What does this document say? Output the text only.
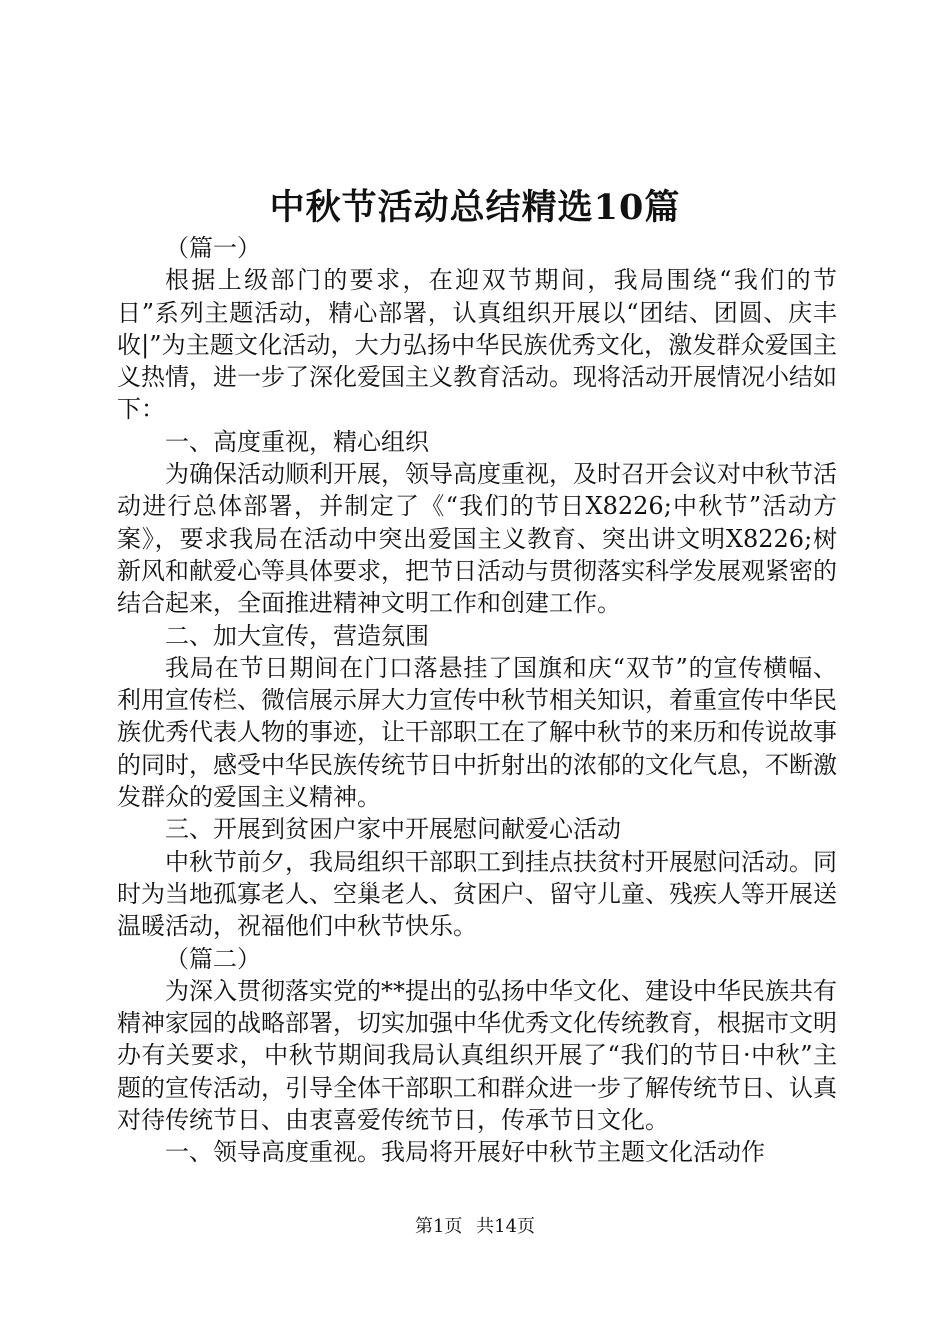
中秋节活动总结精选10篇

（篇一）

根据上级部门的要求，在迎双节期间，我局围绕“我们的节日”系列主题活动，精心部署，认真组织开展以“团结、团圆、庆丰收|”为主题文化活动，大力弘扬中华民族优秀文化，激发群众爱国主义热情，进一步了深化爱国主义教育活动。现将活动开展情况小结如下：

一、高度重视，精心组织

为确保活动顺利开展，领导高度重视，及时召开会议对中秋节活动进行总体部署，并制定了《“我们的节日X8226;中秋节”活动方案》，要求我局在活动中突出爱国主义教育、突出讲文明X8226;树新风和献爱心等具体要求，把节日活动与贯彻落实科学发展观紧密的结合起来，全面推进精神文明工作和创建工作。

二、加大宣传，营造氛围

我局在节日期间在门口落悬挂了国旗和庆“双节”的宣传横幅、利用宣传栏、微信展示屏大力宣传中秋节相关知识，着重宣传中华民族优秀代表人物的事迹，让干部职工在了解中秋节的来历和传说故事的同时，感受中华民族传统节日中折射出的浓郁的文化气息，不断激发群众的爱国主义精神。

三、开展到贫困户家中开展慰问献爱心活动

中秋节前夕，我局组织干部职工到挂点扶贫村开展慰问活动。同时为当地孤寡老人、空巢老人、贫困户、留守儿童、残疾人等开展送温暖活动，祝福他们中秋节快乐。

（篇二）

为深入贯彻落实党的**提出的弘扬中华文化、建设中华民族共有精神家园的战略部署，切实加强中华优秀文化传统教育，根据市文明办有关要求，中秋节期间我局认真组织开展了“我们的节日·中秋”主题的宣传活动，引导全体干部职工和群众进一步了解传统节日、认真对待传统节日、由衷喜爱传统节日，传承节日文化。

一、领导高度重视。我局将开展好中秋节主题文化活动作

第1页 共14页
